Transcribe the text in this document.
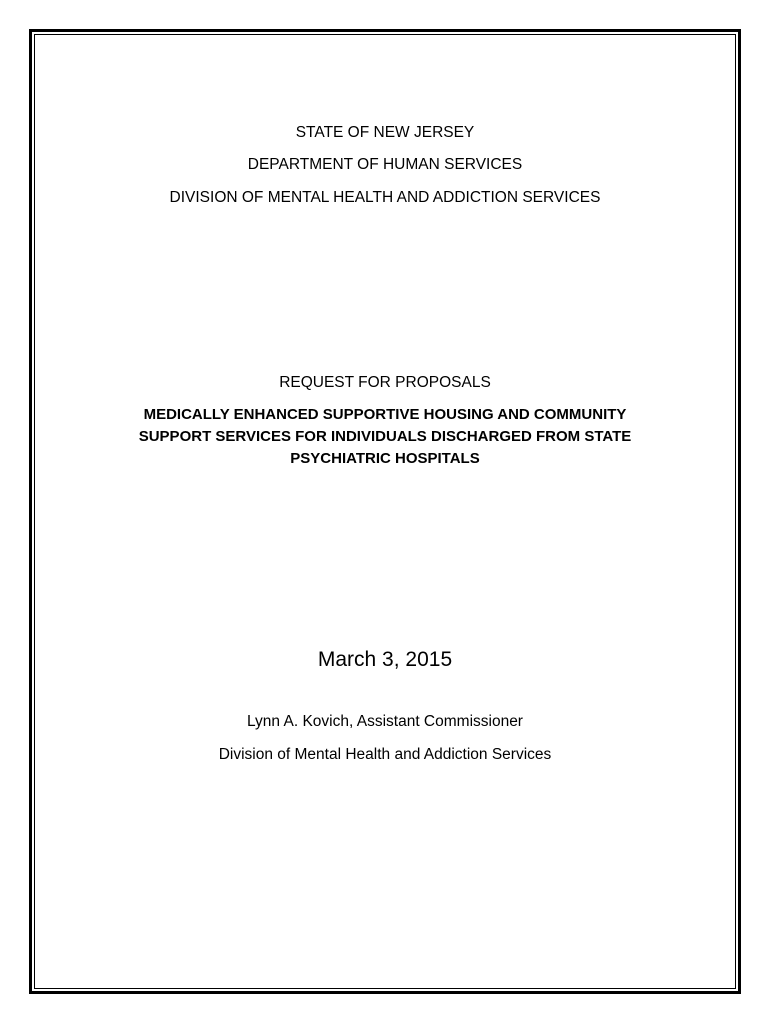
STATE OF NEW JERSEY
DEPARTMENT OF HUMAN SERVICES
DIVISION OF MENTAL HEALTH AND ADDICTION SERVICES
REQUEST FOR PROPOSALS
MEDICALLY ENHANCED SUPPORTIVE HOUSING AND COMMUNITY
SUPPORT SERVICES FOR INDIVIDUALS DISCHARGED FROM STATE
PSYCHIATRIC HOSPITALS
March 3, 2015
Lynn A. Kovich, Assistant Commissioner
Division of Mental Health and Addiction Services
